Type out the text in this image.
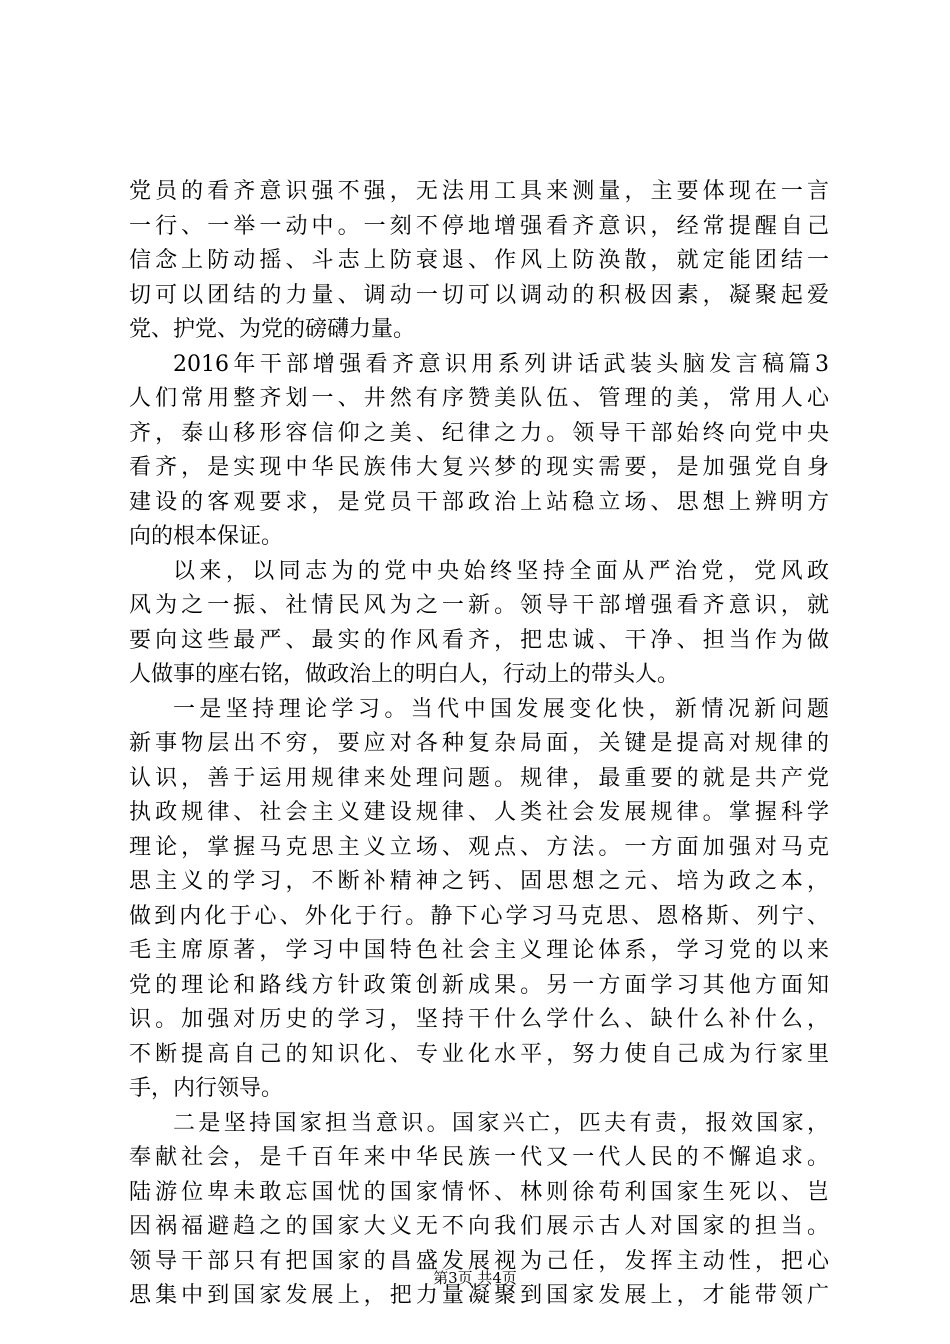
党员的看齐意识强不强，无法用工具来测量，主要体现在一言
一行、一举一动中。一刻不停地增强看齐意识，经常提醒自己
信念上防动摇、斗志上防衰退、作风上防涣散，就定能团结一
切可以团结的力量、调动一切可以调动的积极因素，凝聚起爱
党、护党、为党的磅礴力量。
2016年干部增强看齐意识用系列讲话武装头脑发言稿篇3
人们常用整齐划一、井然有序赞美队伍、管理的美，常用人心
齐，泰山移形容信仰之美、纪律之力。领导干部始终向党中央
看齐，是实现中华民族伟大复兴梦的现实需要，是加强党自身
建设的客观要求，是党员干部政治上站稳立场、思想上辨明方
向的根本保证。
以来，以同志为的党中央始终坚持全面从严治党，党风政
风为之一振、社情民风为之一新。领导干部增强看齐意识，就
要向这些最严、最实的作风看齐，把忠诚、干净、担当作为做
人做事的座右铭，做政治上的明白人，行动上的带头人。
一是坚持理论学习。当代中国发展变化快，新情况新问题
新事物层出不穷，要应对各种复杂局面，关键是提高对规律的
认识，善于运用规律来处理问题。规律，最重要的就是共产党
执政规律、社会主义建设规律、人类社会发展规律。掌握科学
理论，掌握马克思主义立场、观点、方法。一方面加强对马克
思主义的学习，不断补精神之钙、固思想之元、培为政之本，
做到内化于心、外化于行。静下心学习马克思、恩格斯、列宁、
毛主席原著，学习中国特色社会主义理论体系，学习党的以来
党的理论和路线方针政策创新成果。另一方面学习其他方面知
识。加强对历史的学习，坚持干什么学什么、缺什么补什么，
不断提高自己的知识化、专业化水平，努力使自己成为行家里
手，内行领导。
二是坚持国家担当意识。国家兴亡，匹夫有责，报效国家，
奉献社会，是千百年来中华民族一代又一代人民的不懈追求。
陆游位卑未敢忘国忧的国家情怀、林则徐苟利国家生死以、岂
因祸福避趋之的国家大义无不向我们展示古人对国家的担当。
领导干部只有把国家的昌盛发展视为己任，发挥主动性，把心
思集中到国家发展上，把力量凝聚到国家发展上，才能带领广
第3页 共4页
